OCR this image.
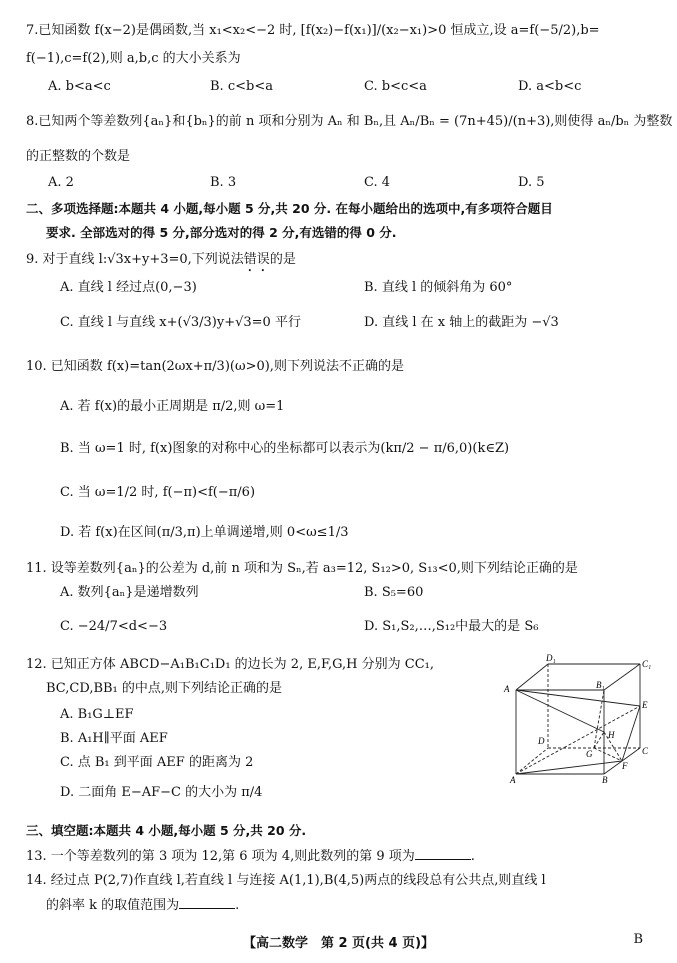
7.已知函数 f(x−2)是偶函数,当 x₁<x₂<−2 时, [f(x₂)−f(x₁)]/(x₂−x₁)>0 恒成立,设 a=f(−5/2),b=
f(−1),c=f(2),则 a,b,c 的大小关系为
A. b<a<c	B. c<b<a	C. b<c<a	D. a<b<c
8.已知两个等差数列{aₙ}和{bₙ}的前 n 项和分别为 Aₙ 和 Bₙ,且 Aₙ/Bₙ = (7n+45)/(n+3),则使得 aₙ/bₙ 为整数
的正整数的个数是
A. 2	B. 3	C. 4	D. 5
二、多项选择题:本题共 4 小题,每小题 5 分,共 20 分. 在每小题给出的选项中,有多项符合题目
要求. 全部选对的得 5 分,部分选对的得 2 分,有选错的得 0 分.
9. 对于直线 l:√3x+y+3=0,下列说法错误的是
A. 直线 l 经过点(0,−3)	B. 直线 l 的倾斜角为 60°
C. 直线 l 与直线 x+(√3/3)y+√3=0 平行	D. 直线 l 在 x 轴上的截距为 −√3
10. 已知函数 f(x)=tan(2ωx+π/3)(ω>0),则下列说法不正确的是
A. 若 f(x)的最小正周期是 π/2,则 ω=1
B. 当 ω=1 时, f(x)图象的对称中心的坐标都可以表示为(kπ/2 − π/6,0)(k∈Z)
C. 当 ω=1/2 时, f(−π)<f(−π/6)
D. 若 f(x)在区间(π/3,π)上单调递增,则 0<ω≤1/3
11. 设等差数列{aₙ}的公差为 d,前 n 项和为 Sₙ,若 a₃=12, S₁₂>0, S₁₃<0,则下列结论正确的是
A. 数列{aₙ}是递增数列	B. S₅=60
C. −24/7<d<−3	D. S₁,S₂,…,S₁₂中最大的是 S₆
12. 已知正方体 ABCD−A₁B₁C₁D₁ 的边长为 2, E,F,G,H 分别为 CC₁,
BC,CD,BB₁ 的中点,则下列结论正确的是
A. B₁G⊥EF
B. A₁H∥平面 AEF
C. 点 B₁ 到平面 AEF 的距离为 2
D. 二面角 E−AF−C 的大小为 π/4
D₁
C₁
A	B₁
E
D
G
H
C
A	B
F
三、填空题:本题共 4 小题,每小题 5 分,共 20 分.
13. 一个等差数列的第 3 项为 12,第 6 项为 4,则此数列的第 9 项为	.
14. 经过点 P(2,7)作直线 l,若直线 l 与连接 A(1,1),B(4,5)两点的线段总有公共点,则直线 l
的斜率 k 的取值范围为	.
【高二数学　第 2 页(共 4 页)】	B
